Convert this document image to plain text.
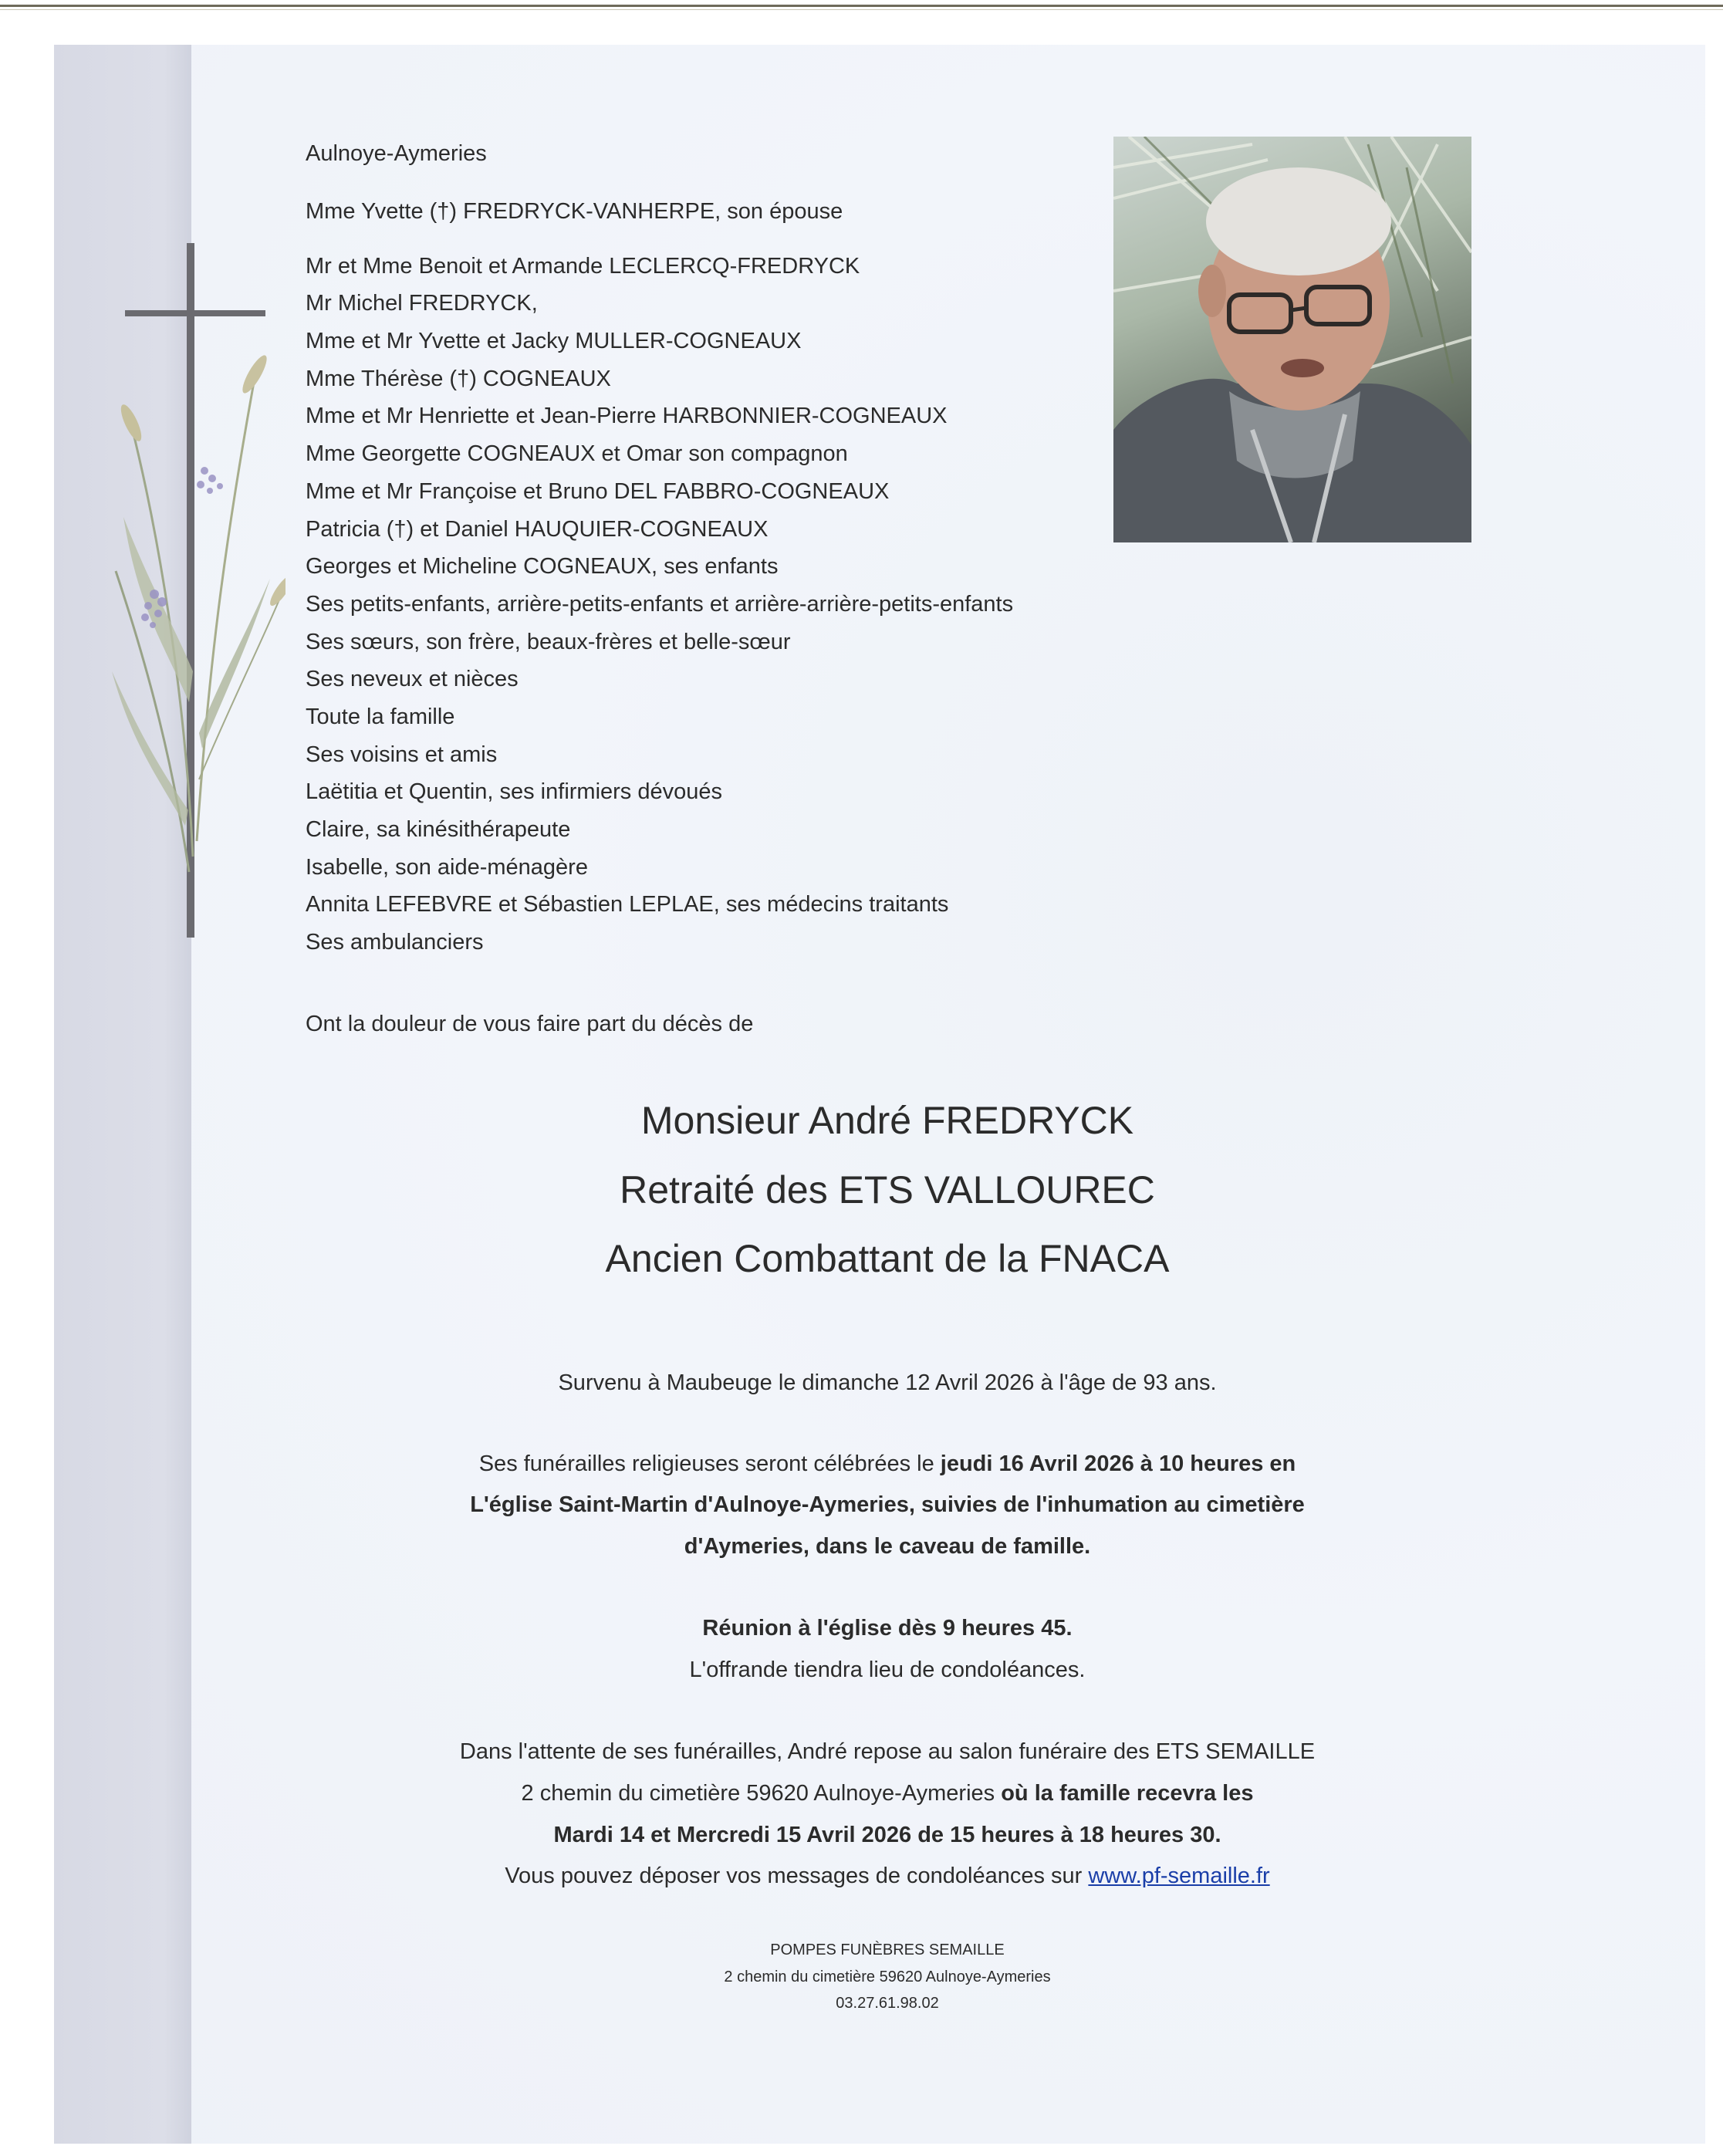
Aulnoye-Aymeries
Mme Yvette (†) FREDRYCK-VANHERPE, son épouse
Mr et Mme Benoit et Armande LECLERCQ-FREDRYCK
Mr Michel FREDRYCK,
Mme et Mr Yvette et Jacky MULLER-COGNEAUX
Mme Thérèse (†) COGNEAUX
Mme et Mr Henriette et Jean-Pierre HARBONNIER-COGNEAUX
Mme Georgette COGNEAUX et Omar son compagnon
Mme et Mr Françoise et Bruno DEL FABBRO-COGNEAUX
Patricia (†) et Daniel HAUQUIER-COGNEAUX
Georges et Micheline COGNEAUX, ses enfants
Ses petits-enfants, arrière-petits-enfants et arrière-arrière-petits-enfants
Ses sœurs, son frère, beaux-frères et belle-sœur
Ses neveux et nièces
Toute la famille
Ses voisins et amis
Laëtitia et Quentin, ses infirmiers dévoués
Claire, sa kinésithérapeute
Isabelle, son aide-ménagère
Annita LEFEBVRE et Sébastien LEPLAE, ses médecins traitants
Ses ambulanciers
Ont la douleur de vous faire part du décès de
Monsieur André FREDRYCK
Retraité des ETS VALLOUREC
Ancien Combattant de la FNACA
Survenu à Maubeuge le dimanche 12 Avril 2026 à l'âge de 93 ans.
Ses funérailles religieuses seront célébrées le jeudi 16 Avril 2026 à 10 heures en
L'église Saint-Martin d'Aulnoye-Aymeries, suivies de l'inhumation au cimetière
d'Aymeries, dans le caveau de famille.
Réunion à l'église dès 9 heures 45.
L'offrande tiendra lieu de condoléances.
Dans l'attente de ses funérailles, André repose au salon funéraire des ETS SEMAILLE
2 chemin du cimetière 59620 Aulnoye-Aymeries où la famille recevra les
Mardi 14 et Mercredi 15 Avril 2026 de 15 heures à 18 heures 30.
Vous pouvez déposer vos messages de condoléances sur www.pf-semaille.fr
POMPES FUNÈBRES SEMAILLE
2 chemin du cimetière 59620 Aulnoye-Aymeries
03.27.61.98.02
